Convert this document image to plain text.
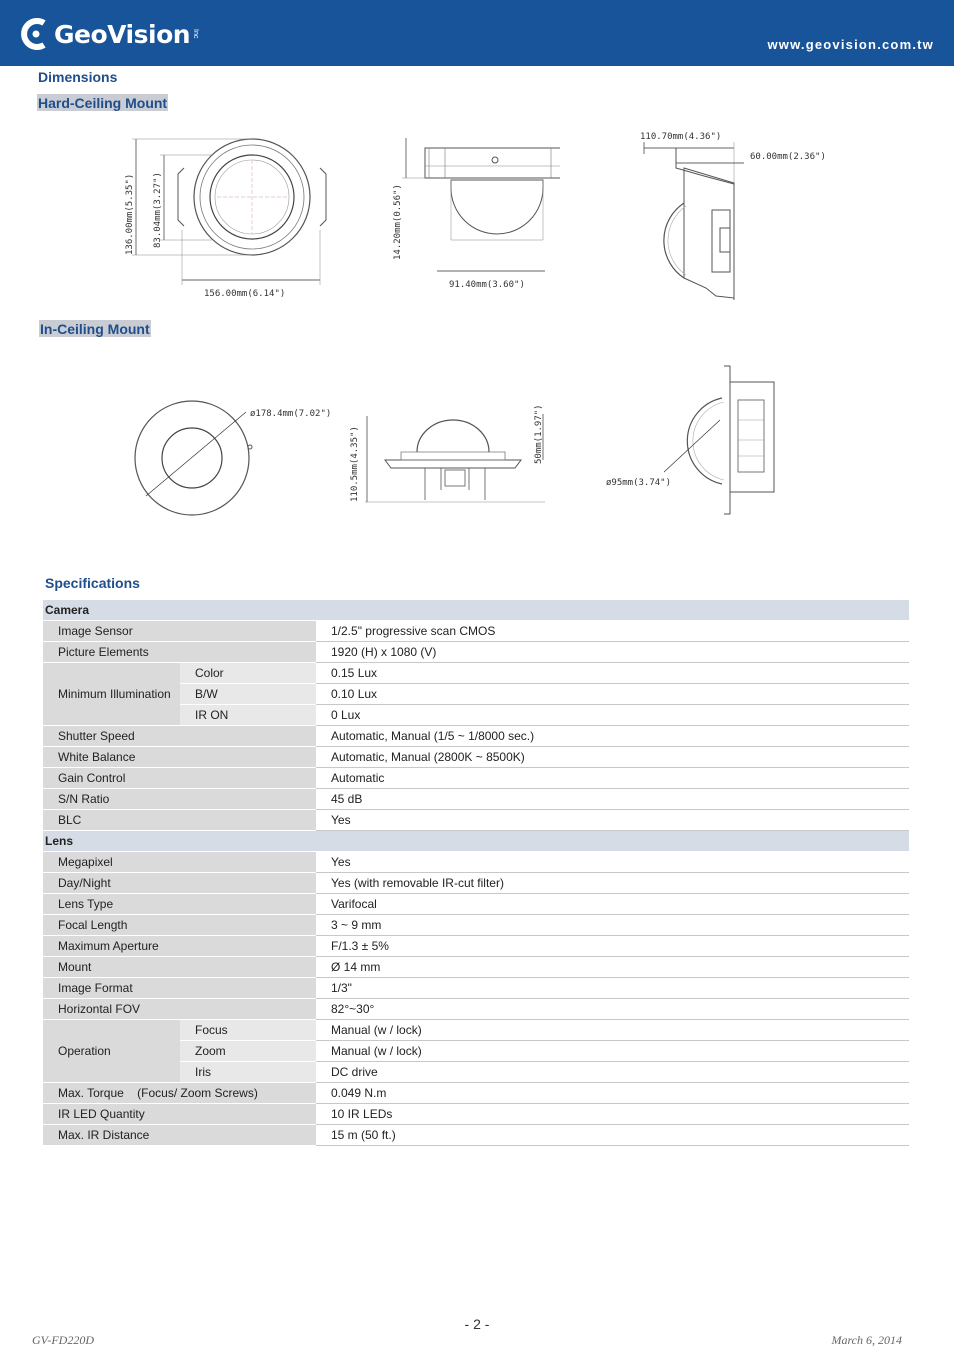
GeoVision Inc
www.geovision.com.tw
Dimensions
Hard-Ceiling Mount
136.00mm(5.35") 83.04mm(3.27")
156.00mm(6.14")
14.20mm(0.56")
91.40mm(3.60")
110.70mm(4.36")
60.00mm(2.36")
In-Ceiling Mount
ø178.4mm(7.02")
110.5mm(4.35")	50mm(1.97")
ø95mm(3.74")
Specifications
Camera		
Image Sensor		1/2.5" progressive scan CMOS
Picture Elements		1920 (H) x 1080 (V)
Minimum Illumination	Color	0.15 Lux
	B/W	0.10 Lux
	IR ON	0 Lux
Shutter Speed		Automatic, Manual (1/5 ~ 1/8000 sec.)
White Balance		Automatic, Manual (2800K ~ 8500K)
Gain Control		Automatic
S/N Ratio		45 dB
BLC		Yes
Lens		
Megapixel		Yes
Day/Night		Yes (with removable IR-cut filter)
Lens Type		Varifocal
Focal Length		3 ~ 9 mm
Maximum Aperture		F/1.3 ± 5%
Mount		Ø 14 mm
Image Format		1/3"
Horizontal FOV		82°~30°
Operation	Focus	Manual (w / lock)
	Zoom	Manual (w / lock)
	Iris	DC drive
Max. Torque    (Focus/ Zoom Screws)		0.049 N.m
IR LED Quantity		10 IR LEDs
Max. IR Distance		15 m (50 ft.)
- 2 -
GV-FD220D	March 6, 2014
